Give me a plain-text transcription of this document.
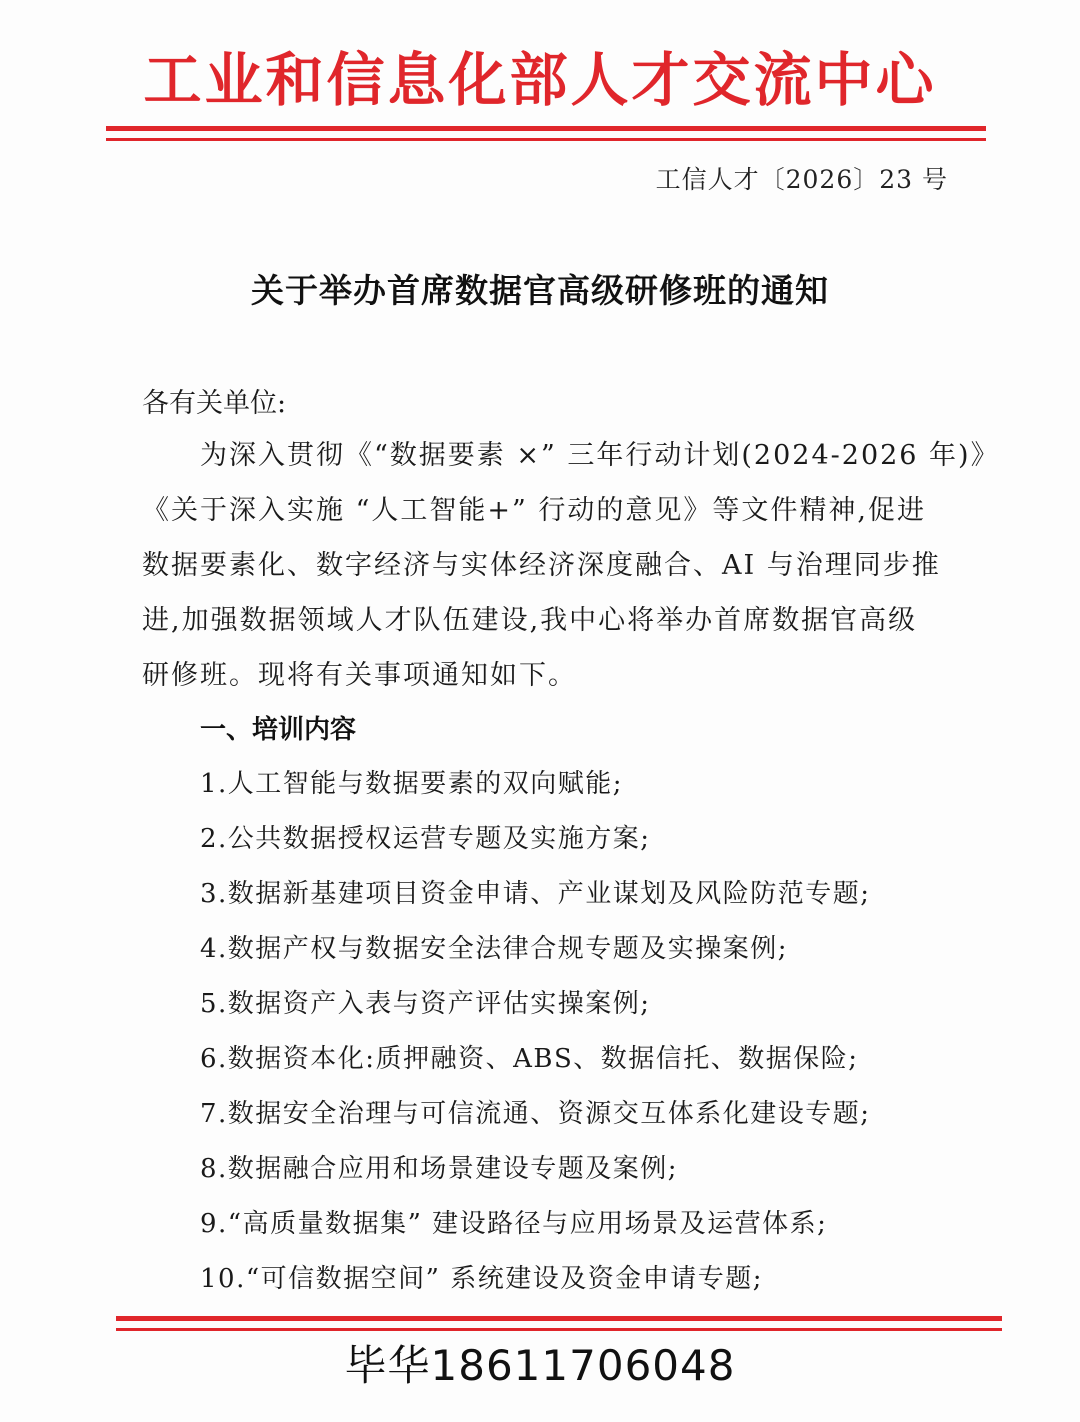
工业和信息化部人才交流中心
工信人才〔2026〕23 号
关于举办首席数据官高级研修班的通知
各有关单位:
为深入贯彻《“数据要素 ×” 三年行动计划(2024-2026 年)》
《关于深入实施 “人工智能+” 行动的意见》等文件精神,促进
数据要素化、数字经济与实体经济深度融合、AI 与治理同步推
进,加强数据领域人才队伍建设,我中心将举办首席数据官高级
研修班。现将有关事项通知如下。
一、培训内容
1.人工智能与数据要素的双向赋能;
2.公共数据授权运营专题及实施方案;
3.数据新基建项目资金申请、产业谋划及风险防范专题;
4.数据产权与数据安全法律合规专题及实操案例;
5.数据资产入表与资产评估实操案例;
6.数据资本化:质押融资、ABS、数据信托、数据保险;
7.数据安全治理与可信流通、资源交互体系化建设专题;
8.数据融合应用和场景建设专题及案例;
9.“高质量数据集” 建设路径与应用场景及运营体系;
10.“可信数据空间” 系统建设及资金申请专题;
毕华18611706048
